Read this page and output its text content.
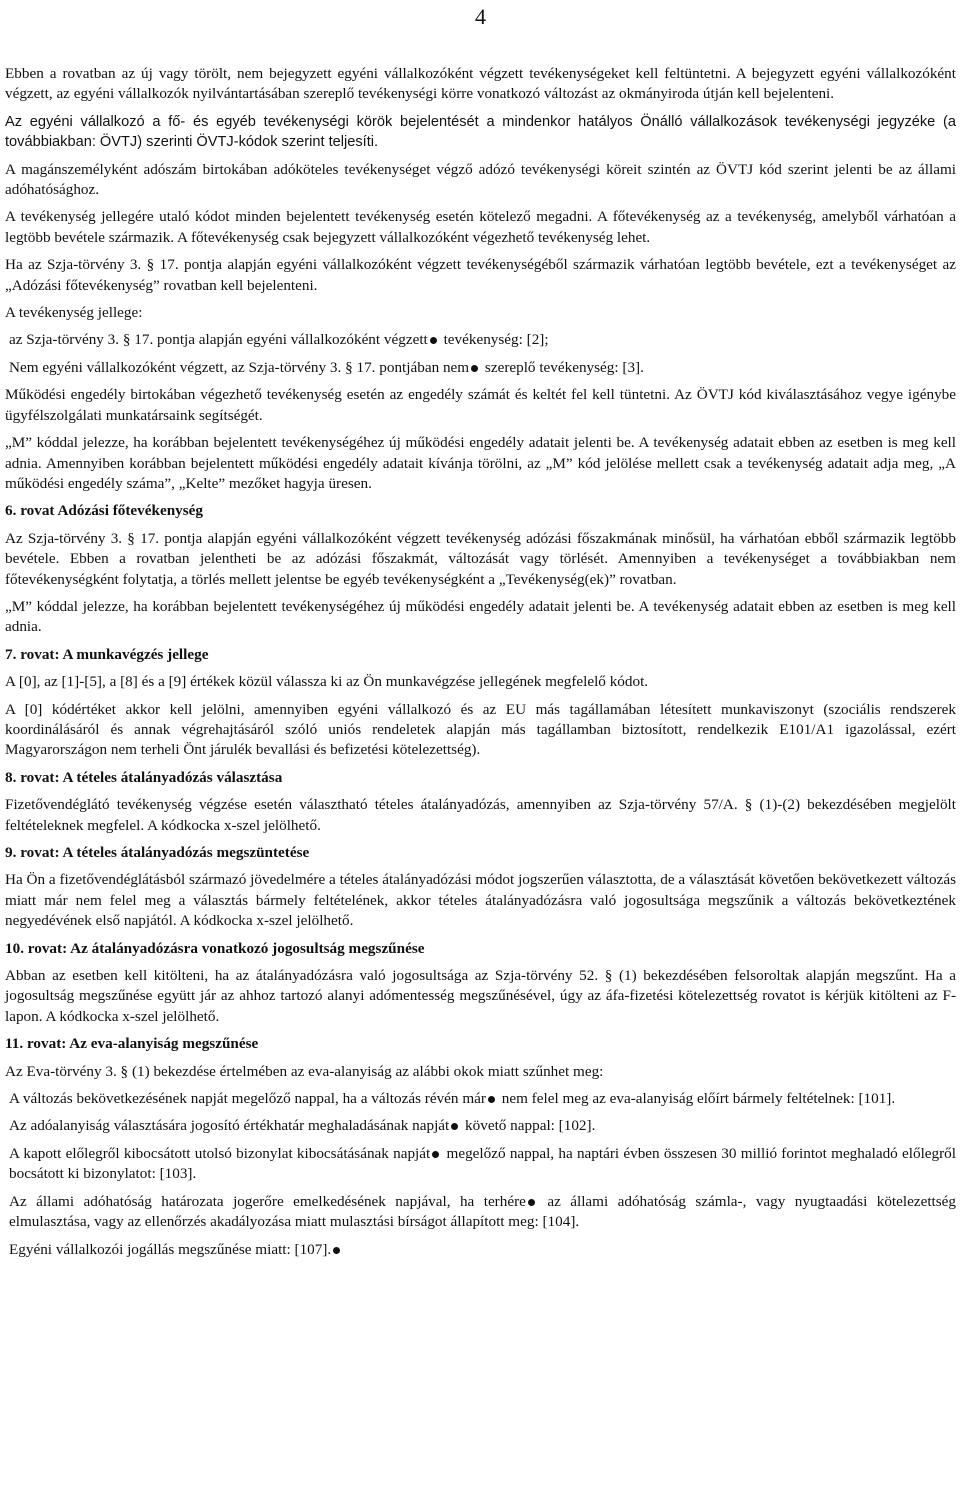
4

Ebben a rovatban az új vagy törölt, nem bejegyzett egyéni vállalkozóként végzett tevékenységeket kell feltüntetni. A bejegyzett egyéni vállalkozóként végzett, az egyéni vállalkozók nyilvántartásában szereplő tevékenységi körre vonatkozó változást az okmányiroda útján kell bejelenteni.

Az egyéni vállalkozó a fő- és egyéb tevékenységi körök bejelentését a mindenkor hatályos Önálló vállalkozások tevékenységi jegyzéke (a továbbiakban: ÖVTJ) szerinti ÖVTJ-kódok szerint teljesíti.

A magánszemélyként adószám birtokában adóköteles tevékenységet végző adózó tevékenységi köreit szintén az ÖVTJ kód szerint jelenti be az állami adóhatósághoz.

A tevékenység jellegére utaló kódot minden bejelentett tevékenység esetén kötelező megadni. A főtevékenység az a tevékenység, amelyből várhatóan a legtöbb bevétele származik. A főtevékenység csak bejegyzett vállalkozóként végezhető tevékenység lehet.

Ha az Szja-törvény 3. § 17. pontja alapján egyéni vállalkozóként végzett tevékenységéből származik várhatóan legtöbb bevétele, ezt a tevékenységet az „Adózási főtevékenység” rovatban kell bejelenteni.

A tevékenység jellege:

az Szja-törvény 3. § 17. pontja alapján egyéni vállalkozóként végzett tevékenység: [2];

Nem egyéni vállalkozóként végzett, az Szja-törvény 3. § 17. pontjában nem szereplő tevékenység: [3].

Működési engedély birtokában végezhető tevékenység esetén az engedély számát és keltét fel kell tüntetni. Az ÖVTJ kód kiválasztásához vegye igénybe ügyfélszolgálati munkatársaink segítségét.

„M” kóddal jelezze, ha korábban bejelentett tevékenységéhez új működési engedély adatait jelenti be. A tevékenység adatait ebben az esetben is meg kell adnia. Amennyiben korábban bejelentett működési engedély adatait kívánja törölni, az „M” kód jelölése mellett csak a tevékenység adatait adja meg, „A működési engedély száma”, „Kelte” mezőket hagyja üresen.

6. rovat Adózási főtevékenység

Az Szja-törvény 3. § 17. pontja alapján egyéni vállalkozóként végzett tevékenység adózási főszakmának minősül, ha várhatóan ebből származik legtöbb bevétele. Ebben a rovatban jelentheti be az adózási főszakmát, változását vagy törlését. Amennyiben a tevékenységet a továbbiakban nem főtevékenységként folytatja, a törlés mellett jelentse be egyéb tevékenységként a „Tevékenység(ek)” rovatban.

„M” kóddal jelezze, ha korábban bejelentett tevékenységéhez új működési engedély adatait jelenti be. A tevékenység adatait ebben az esetben is meg kell adnia.

7. rovat: A munkavégzés jellege

A [0], az [1]-[5], a [8] és a [9] értékek közül válassza ki az Ön munkavégzése jellegének megfelelő kódot.

A [0] kódértéket akkor kell jelölni, amennyiben egyéni vállalkozó és az EU más tagállamában létesített munkaviszonyt (szociális rendszerek koordinálásáról és annak végrehajtásáról szóló uniós rendeletek alapján más tagállamban biztosított, rendelkezik E101/A1 igazolással, ezért Magyarországon nem terheli Önt járulék bevallási és befizetési kötelezettség).

8. rovat: A tételes átalányadózás választása

Fizetővendéglátó tevékenység végzése esetén választható tételes átalányadózás, amennyiben az Szja-törvény 57/A. § (1)-(2) bekezdésében megjelölt feltételeknek megfelel. A kódkocka x-szel jelölhető.

9. rovat: A tételes átalányadózás megszüntetése

Ha Ön a fizetővendéglátásból származó jövedelmére a tételes átalányadózási módot jogszerűen választotta, de a választását követően bekövetkezett változás miatt már nem felel meg a választás bármely feltételének, akkor tételes átalányadózásra való jogosultsága megszűnik a változás bekövetkeztének negyedévének első napjától. A kódkocka x-szel jelölhető.

10. rovat: Az átalányadózásra vonatkozó jogosultság megszűnése

Abban az esetben kell kitölteni, ha az átalányadózásra való jogosultsága az Szja-törvény 52. § (1) bekezdésében felsoroltak alapján megszűnt. Ha a jogosultság megszűnése együtt jár az ahhoz tartozó alanyi adómentesség megszűnésével, úgy az áfa-fizetési kötelezettség rovatot is kérjük kitölteni az F-lapon. A kódkocka x-szel jelölhető.

11. rovat: Az eva-alanyiság megszűnése

Az Eva-törvény 3. § (1) bekezdése értelmében az eva-alanyiság az alábbi okok miatt szűnhet meg:

A változás bekövetkezésének napját megelőző nappal, ha a változás révén már nem felel meg az eva-alanyiság előírt bármely feltételnek: [101].

Az adóalanyiság választására jogosító értékhatár meghaladásának napját követő nappal: [102].

A kapott előlegről kibocsátott utolsó bizonylat kibocsátásának napját megelőző nappal, ha naptári évben összesen 30 millió forintot meghaladó előlegről bocsátott ki bizonylatot: [103].

Az állami adóhatóság határozata jogerőre emelkedésének napjával, ha terhére az állami adóhatóság számla-, vagy nyugtaadási kötelezettség elmulasztása, vagy az ellenőrzés akadályozása miatt mulasztási bírságot állapított meg: [104].

Egyéni vállalkozói jogállás megszűnése miatt: [107].
